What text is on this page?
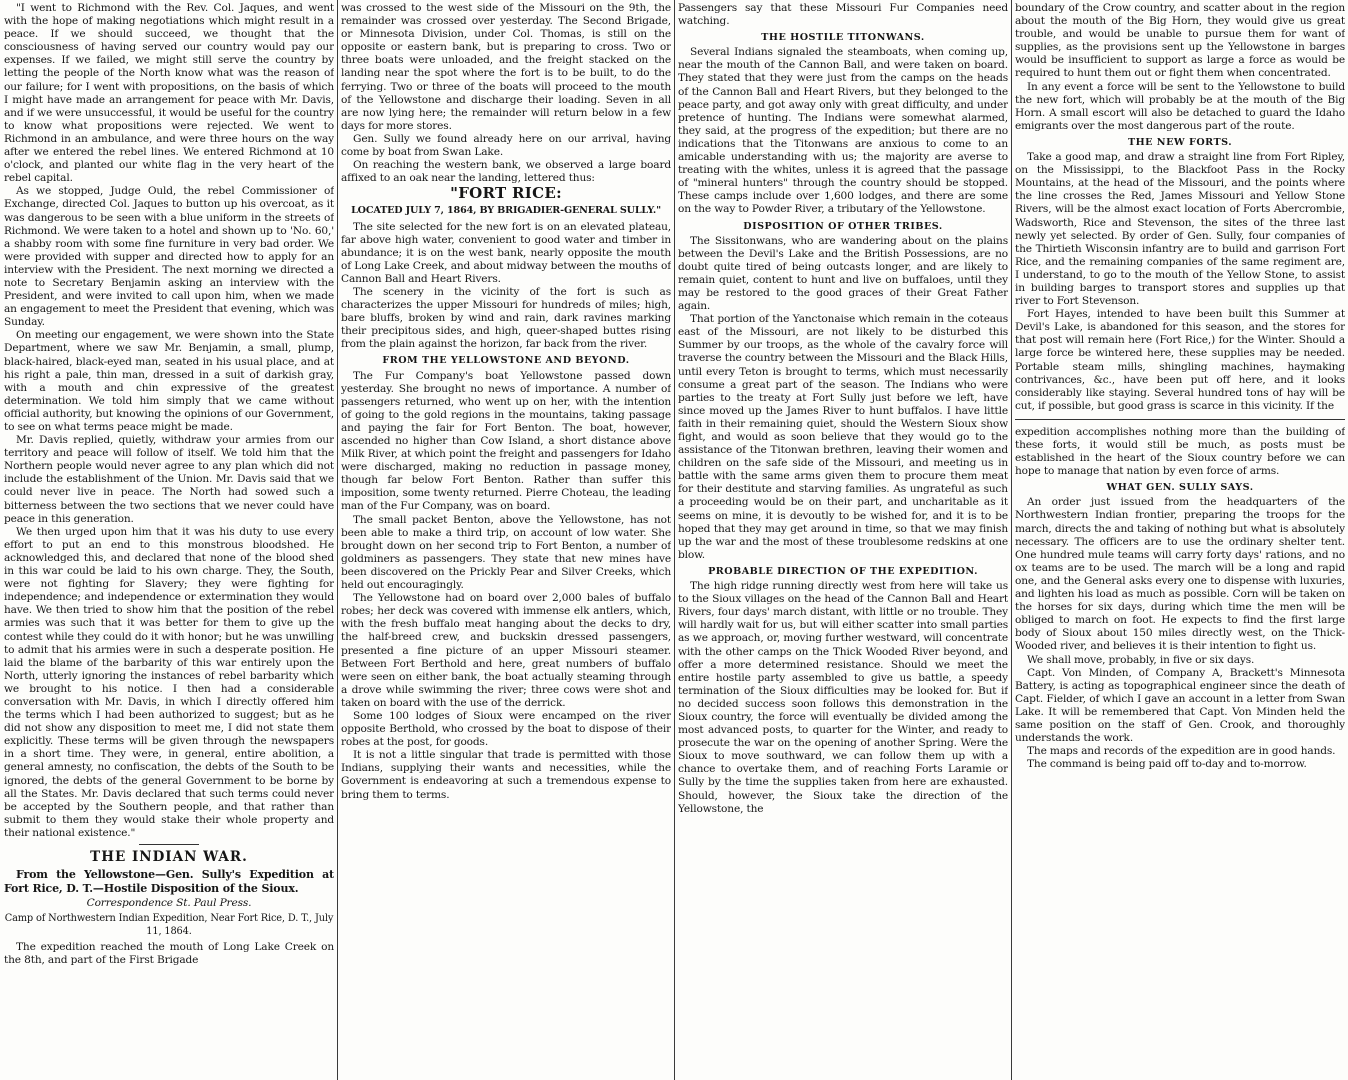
"I went to Richmond with the Rev. Col. Jaques, and went with the hope of making negotiations which might result in a peace. If we should succeed, we thought that the consciousness of having served our country would pay our expenses. If we failed, we might still serve the country by letting the people of the North know what was the reason of our failure; for I went with propositions, on the basis of which I might have made an arrangement for peace with Mr. Davis, and if we were unsuccessful, it would be useful for the country to know what propositions were rejected. We went to Richmond in an ambulance, and were three hours on the way after we entered the rebel lines. We entered Richmond at 10 o'clock, and planted our white flag in the very heart of the rebel capital.

As we stopped, Judge Ould, the rebel Commissioner of Exchange, directed Col. Jaques to button up his overcoat, as it was dangerous to be seen with a blue uniform in the streets of Richmond. We were taken to a hotel and shown up to 'No. 60,' a shabby room with some fine furniture in very bad order. We were provided with supper and directed how to apply for an interview with the President. The next morning we directed a note to Secretary Benjamin asking an interview with the President, and were invited to call upon him, when we made an engagement to meet the President that evening, which was Sunday.

On meeting our engagement, we were shown into the State Department, where we saw Mr. Benjamin, a small, plump, black-haired, black-eyed man, seated in his usual place, and at his right a pale, thin man, dressed in a suit of darkish gray, with a mouth and chin expressive of the greatest determination. We told him simply that we came without official authority, but knowing the opinions of our Government, to see on what terms peace might be made.

Mr. Davis replied, quietly, withdraw your armies from our territory and peace will follow of itself. We told him that the Northern people would never agree to any plan which did not include the establishment of the Union. Mr. Davis said that we could never live in peace. The North had sowed such a bitterness between the two sections that we never could have peace in this generation.

We then urged upon him that it was his duty to use every effort to put an end to this monstrous bloodshed. He acknowledged this, and declared that none of the blood shed in this war could be laid to his own charge. They, the South, were not fighting for Slavery; they were fighting for independence; and independence or extermination they would have. We then tried to show him that the position of the rebel armies was such that it was better for them to give up the contest while they could do it with honor; but he was unwilling to admit that his armies were in such a desperate position. He laid the blame of the barbarity of this war entirely upon the North, utterly ignoring the instances of rebel barbarity which we brought to his notice. I then had a considerable conversation with Mr. Davis, in which I directly offered him the terms which I had been authorized to suggest; but as he did not show any disposition to meet me, I did not state them explicitly. These terms will be given through the newspapers in a short time. They were, in general, entire abolition, a general amnesty, no confiscation, the debts of the South to be ignored, the debts of the general Government to be borne by all the States. Mr. Davis declared that such terms could never be accepted by the Southern people, and that rather than submit to them they would stake their whole property and their national existence."

THE INDIAN WAR.

From the Yellowstone—Gen. Sully's Expedition at Fort Rice, D. T.—Hostile Disposition of the Sioux.

Correspondence St. Paul Press.
Camp of Northwestern Indian Expedition, Near Fort Rice, D. T., July 11, 1864.

The expedition reached the mouth of Long Lake Creek on the 8th, and part of the First Brigade

was crossed to the west side of the Missouri on the 9th, the remainder was crossed over yesterday. The Second Brigade, or Minnesota Division, under Col. Thomas, is still on the opposite or eastern bank, but is preparing to cross. Two or three boats were unloaded, and the freight stacked on the landing near the spot where the fort is to be built, to do the ferrying. Two or three of the boats will proceed to the mouth of the Yellowstone and discharge their loading. Seven in all are now lying here; the remainder will return below in a few days for more stores.

Gen. Sully we found already here on our arrival, having come by boat from Swan Lake.

On reaching the western bank, we observed a large board affixed to an oak near the landing, lettered thus:

"FORT RICE:
LOCATED JULY 7, 1864, BY BRIGADIER-GENERAL SULLY."

The site selected for the new fort is on an elevated plateau, far above high water, convenient to good water and timber in abundance; it is on the west bank, nearly opposite the mouth of Long Lake Creek, and about midway between the mouths of Cannon Ball and Heart Rivers.

The scenery in the vicinity of the fort is such as characterizes the upper Missouri for hundreds of miles; high, bare bluffs, broken by wind and rain, dark ravines marking their precipitous sides, and high, queer-shaped buttes rising from the plain against the horizon, far back from the river.

FROM THE YELLOWSTONE AND BEYOND.

The Fur Company's boat Yellowstone passed down yesterday. She brought no news of importance. A number of passengers returned, who went up on her, with the intention of going to the gold regions in the mountains, taking passage and paying the fair for Fort Benton. The boat, however, ascended no higher than Cow Island, a short distance above Milk River, at which point the freight and passengers for Idaho were discharged, making no reduction in passage money, though far below Fort Benton. Rather than suffer this imposition, some twenty returned. Pierre Choteau, the leading man of the Fur Company, was on board.

The small packet Benton, above the Yellowstone, has not been able to make a third trip, on account of low water. She brought down on her second trip to Fort Benton, a number of goldminers as passengers. They state that new mines have been discovered on the Prickly Pear and Silver Creeks, which held out encouragingly.

The Yellowstone had on board over 2,000 bales of buffalo robes; her deck was covered with immense elk antlers, which, with the fresh buffalo meat hanging about the decks to dry, the half-breed crew, and buckskin dressed passengers, presented a fine picture of an upper Missouri steamer. Between Fort Berthold and here, great numbers of buffalo were seen on either bank, the boat actually steaming through a drove while swimming the river; three cows were shot and taken on board with the use of the derrick.

Some 100 lodges of Sioux were encamped on the river opposite Berthold, who crossed by the boat to dispose of their robes at the post, for goods.

It is not a little singular that trade is permitted with those Indians, supplying their wants and necessities, while the Government is endeavoring at such a tremendous expense to bring them to terms.

Passengers say that these Missouri Fur Companies need watching.

THE HOSTILE TITONWANS.

Several Indians signaled the steamboats, when coming up, near the mouth of the Cannon Ball, and were taken on board. They stated that they were just from the camps on the heads of the Cannon Ball and Heart Rivers, but they belonged to the peace party, and got away only with great difficulty, and under pretence of hunting. The Indians were somewhat alarmed, they said, at the progress of the expedition; but there are no indications that the Titonwans are anxious to come to an amicable understanding with us; the majority are averse to treating with the whites, unless it is agreed that the passage of "mineral hunters" through the country should be stopped. These camps include over 1,600 lodges, and there are some on the way to Powder River, a tributary of the Yellowstone.

DISPOSITION OF OTHER TRIBES.

The Sissitonwans, who are wandering about on the plains between the Devil's Lake and the British Possessions, are no doubt quite tired of being outcasts longer, and are likely to remain quiet, content to hunt and live on buffaloes, until they may be restored to the good graces of their Great Father again.

That portion of the Yanctonaise which remain in the coteaus east of the Missouri, are not likely to be disturbed this Summer by our troops, as the whole of the cavalry force will traverse the country between the Missouri and the Black Hills, until every Teton is brought to terms, which must necessarily consume a great part of the season. The Indians who were parties to the treaty at Fort Sully just before we left, have since moved up the James River to hunt buffalos. I have little faith in their remaining quiet, should the Western Sioux show fight, and would as soon believe that they would go to the assistance of the Titonwan brethren, leaving their women and children on the safe side of the Missouri, and meeting us in battle with the same arms given them to procure them meat for their destitute and starving families. As ungrateful as such a proceeding would be on their part, and uncharitable as it seems on mine, it is devoutly to be wished for, and it is to be hoped that they may get around in time, so that we may finish up the war and the most of these troublesome redskins at one blow.

PROBABLE DIRECTION OF THE EXPEDITION.

The high ridge running directly west from here will take us to the Sioux villages on the head of the Cannon Ball and Heart Rivers, four days' march distant, with little or no trouble. They will hardly wait for us, but will either scatter into small parties as we approach, or, moving further westward, will concentrate with the other camps on the Thick Wooded River beyond, and offer a more determined resistance. Should we meet the entire hostile party assembled to give us battle, a speedy termination of the Sioux difficulties may be looked for. But if no decided success soon follows this demonstration in the Sioux country, the force will eventually be divided among the most advanced posts, to quarter for the Winter, and ready to prosecute the war on the opening of another Spring. Were the Sioux to move southward, we can follow them up with a chance to overtake them, and of reaching Forts Laramie or Sully by the time the supplies taken from here are exhausted. Should, however, the Sioux take the direction of the Yellowstone, the

boundary of the Crow country, and scatter about in the region about the mouth of the Big Horn, they would give us great trouble, and would be unable to pursue them for want of supplies, as the provisions sent up the Yellowstone in barges would be insufficient to support as large a force as would be required to hunt them out or fight them when concentrated.

In any event a force will be sent to the Yellowstone to build the new fort, which will probably be at the mouth of the Big Horn. A small escort will also be detached to guard the Idaho emigrants over the most dangerous part of the route.

THE NEW FORTS.

Take a good map, and draw a straight line from Fort Ripley, on the Mississippi, to the Blackfoot Pass in the Rocky Mountains, at the head of the Missouri, and the points where the line crosses the Red, James Missouri and Yellow Stone Rivers, will be the almost exact location of Forts Abercrombie, Wadsworth, Rice and Stevenson, the sites of the three last newly yet selected. By order of Gen. Sully, four companies of the Thirtieth Wisconsin infantry are to build and garrison Fort Rice, and the remaining companies of the same regiment are, I understand, to go to the mouth of the Yellow Stone, to assist in building barges to transport stores and supplies up that river to Fort Stevenson.

Fort Hayes, intended to have been built this Summer at Devil's Lake, is abandoned for this season, and the stores for that post will remain here (Fort Rice,) for the Winter. Should a large force be wintered here, these supplies may be needed. Portable steam mills, shingling machines, haymaking contrivances, &c., have been put off here, and it looks considerably like staying. Several hundred tons of hay will be cut, if possible, but good grass is scarce in this vicinity. If the

expedition accomplishes nothing more than the building of these forts, it would still be much, as posts must be established in the heart of the Sioux country before we can hope to manage that nation by even force of arms.

WHAT GEN. SULLY SAYS.

An order just issued from the headquarters of the Northwestern Indian frontier, preparing the troops for the march, directs the and taking of nothing but what is absolutely necessary. The officers are to use the ordinary shelter tent. One hundred mule teams will carry forty days' rations, and no ox teams are to be used. The march will be a long and rapid one, and the General asks every one to dispense with luxuries, and lighten his load as much as possible. Corn will be taken on the horses for six days, during which time the men will be obliged to march on foot. He expects to find the first large body of Sioux about 150 miles directly west, on the Thick-Wooded river, and believes it is their intention to fight us.

We shall move, probably, in five or six days.

Capt. Von Minden, of Company A, Brackett's Minnesota Battery, is acting as topographical engineer since the death of Capt. Fielder, of which I gave an account in a letter from Swan Lake. It will be remembered that Capt. Von Minden held the same position on the staff of Gen. Crook, and thoroughly understands the work.

The maps and records of the expedition are in good hands.

The command is being paid off to-day and to-morrow.
